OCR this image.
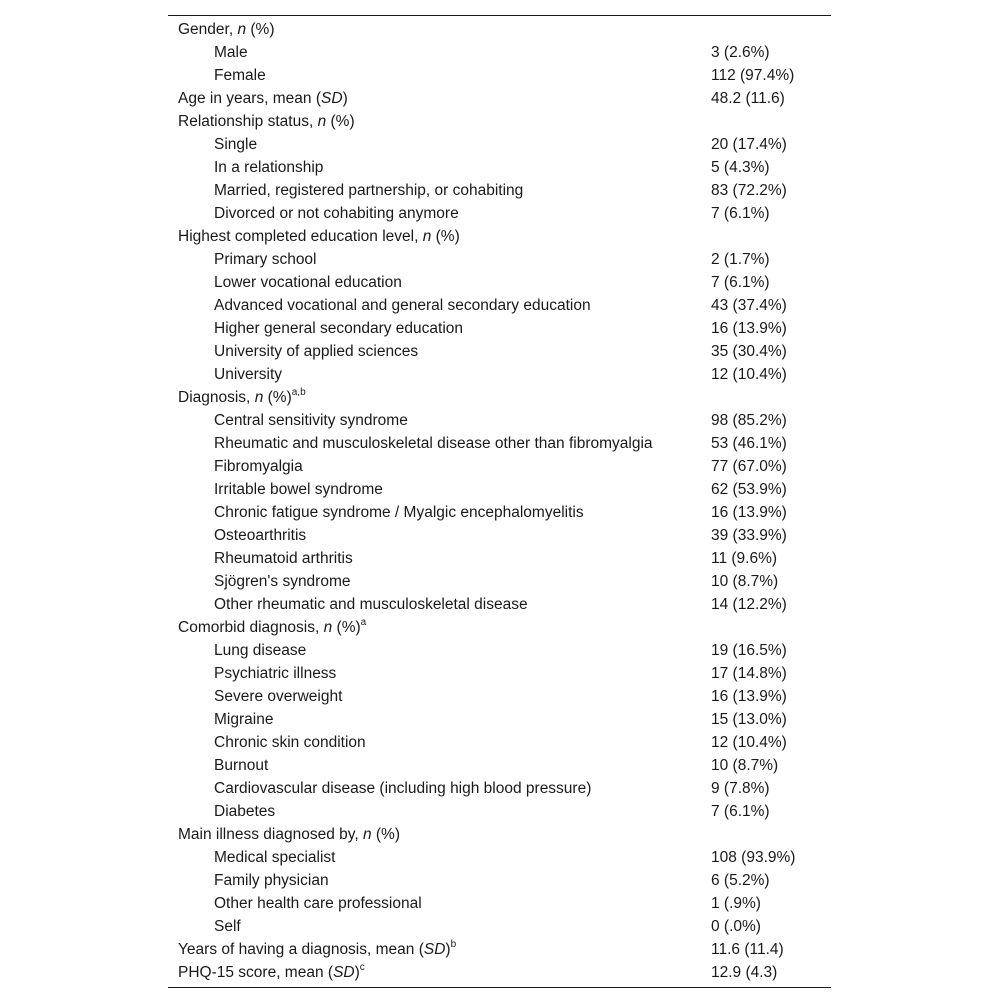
Gender, n (%)	
Male	3 (2.6%)
Female	112 (97.4%)
Age in years, mean (SD)	48.2 (11.6)
Relationship status, n (%)	
Single	20 (17.4%)
In a relationship	5 (4.3%)
Married, registered partnership, or cohabiting	83 (72.2%)
Divorced or not cohabiting anymore	7 (6.1%)
Highest completed education level, n (%)	
Primary school	2 (1.7%)
Lower vocational education	7 (6.1%)
Advanced vocational and general secondary education	43 (37.4%)
Higher general secondary education	16 (13.9%)
University of applied sciences	35 (30.4%)
University	12 (10.4%)
Diagnosis, n (%)$^{a,b}$	
Central sensitivity syndrome	98 (85.2%)
Rheumatic and musculoskeletal disease other than fibromyalgia	53 (46.1%)
Fibromyalgia	77 (67.0%)
Irritable bowel syndrome	62 (53.9%)
Chronic fatigue syndrome / Myalgic encephalomyelitis	16 (13.9%)
Osteoarthritis	39 (33.9%)
Rheumatoid arthritis	11 (9.6%)
Sjögren's syndrome	10 (8.7%)
Other rheumatic and musculoskeletal disease	14 (12.2%)
Comorbid diagnosis, n (%)$^a$	
Lung disease	19 (16.5%)
Psychiatric illness	17 (14.8%)
Severe overweight	16 (13.9%)
Migraine	15 (13.0%)
Chronic skin condition	12 (10.4%)
Burnout	10 (8.7%)
Cardiovascular disease (including high blood pressure)	9 (7.8%)
Diabetes	7 (6.1%)
Main illness diagnosed by, n (%)	
Medical specialist	108 (93.9%)
Family physician	6 (5.2%)
Other health care professional	1 (.9%)
Self	0 (.0%)
Years of having a diagnosis, mean (SD)$^b$	11.6 (11.4)
PHQ-15 score, mean (SD)$^c$	12.9 (4.3)
